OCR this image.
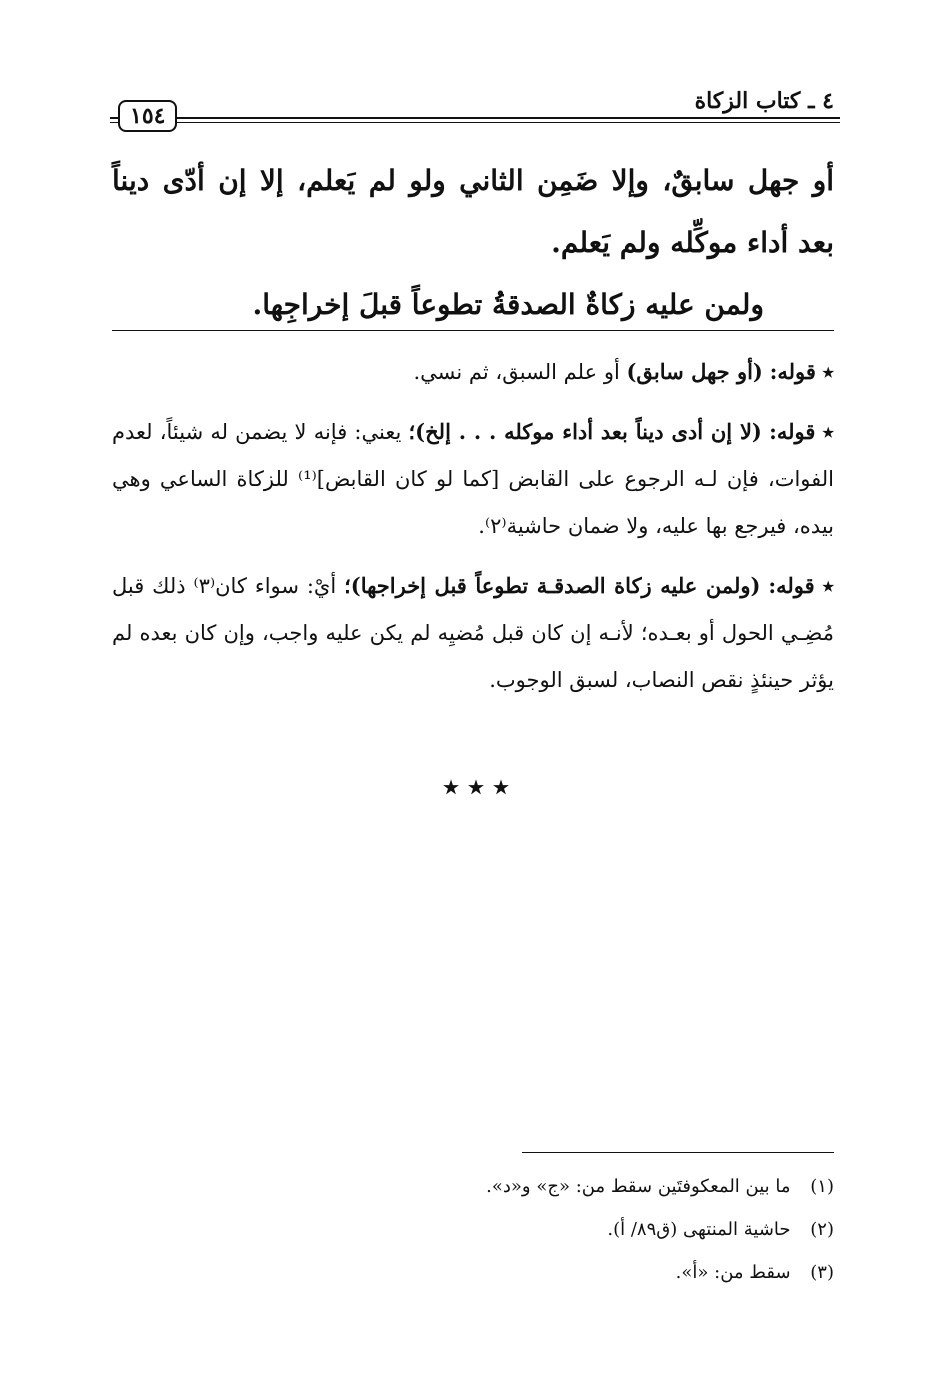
٤ ـ كتاب الزكاة
١٥٤

أو جهل سابقٌ، وإلا ضَمِن الثاني ولو لم يَعلم، إلا إن أدّى ديناً بعد أداء موكِّله ولم يَعلم.

ولمن عليه زكاةٌ الصدقةُ تطوعاً قبلَ إخراجِها.

٭ قوله: (أو جهل سابق) أو علم السبق، ثم نسي.

٭ قوله: (لا إن أدى ديناً بعد أداء موكله . . . إلخ)؛ يعني: فإنه لا يضمن له شيئاً، لعدم الفوات، فإن لـه الرجوع على القابض [كما لو كان القابض]⁽¹⁾ للزكاة الساعي وهي بيده، فيرجع بها عليه، ولا ضمان حاشية⁽٢⁾.

٭ قوله: (ولمن عليه زكاة الصدقـة تطوعاً قبل إخراجها)؛ أيْ: سواء كان⁽٣⁾ ذلك قبل مُضِـي الحول أو بعـده؛ لأنـه إن كان قبل مُضيِه لم يكن عليه واجب، وإن كان بعده لم يؤثر حينئذٍ نقص النصاب، لسبق الوجوب.

٭ ٭ ٭

(١) ما بين المعكوفتَين سقط من: «ج» و«د».

(٢) حاشية المنتهى (ق٨٩/ أ).

(٣) سقط من: «أ».
